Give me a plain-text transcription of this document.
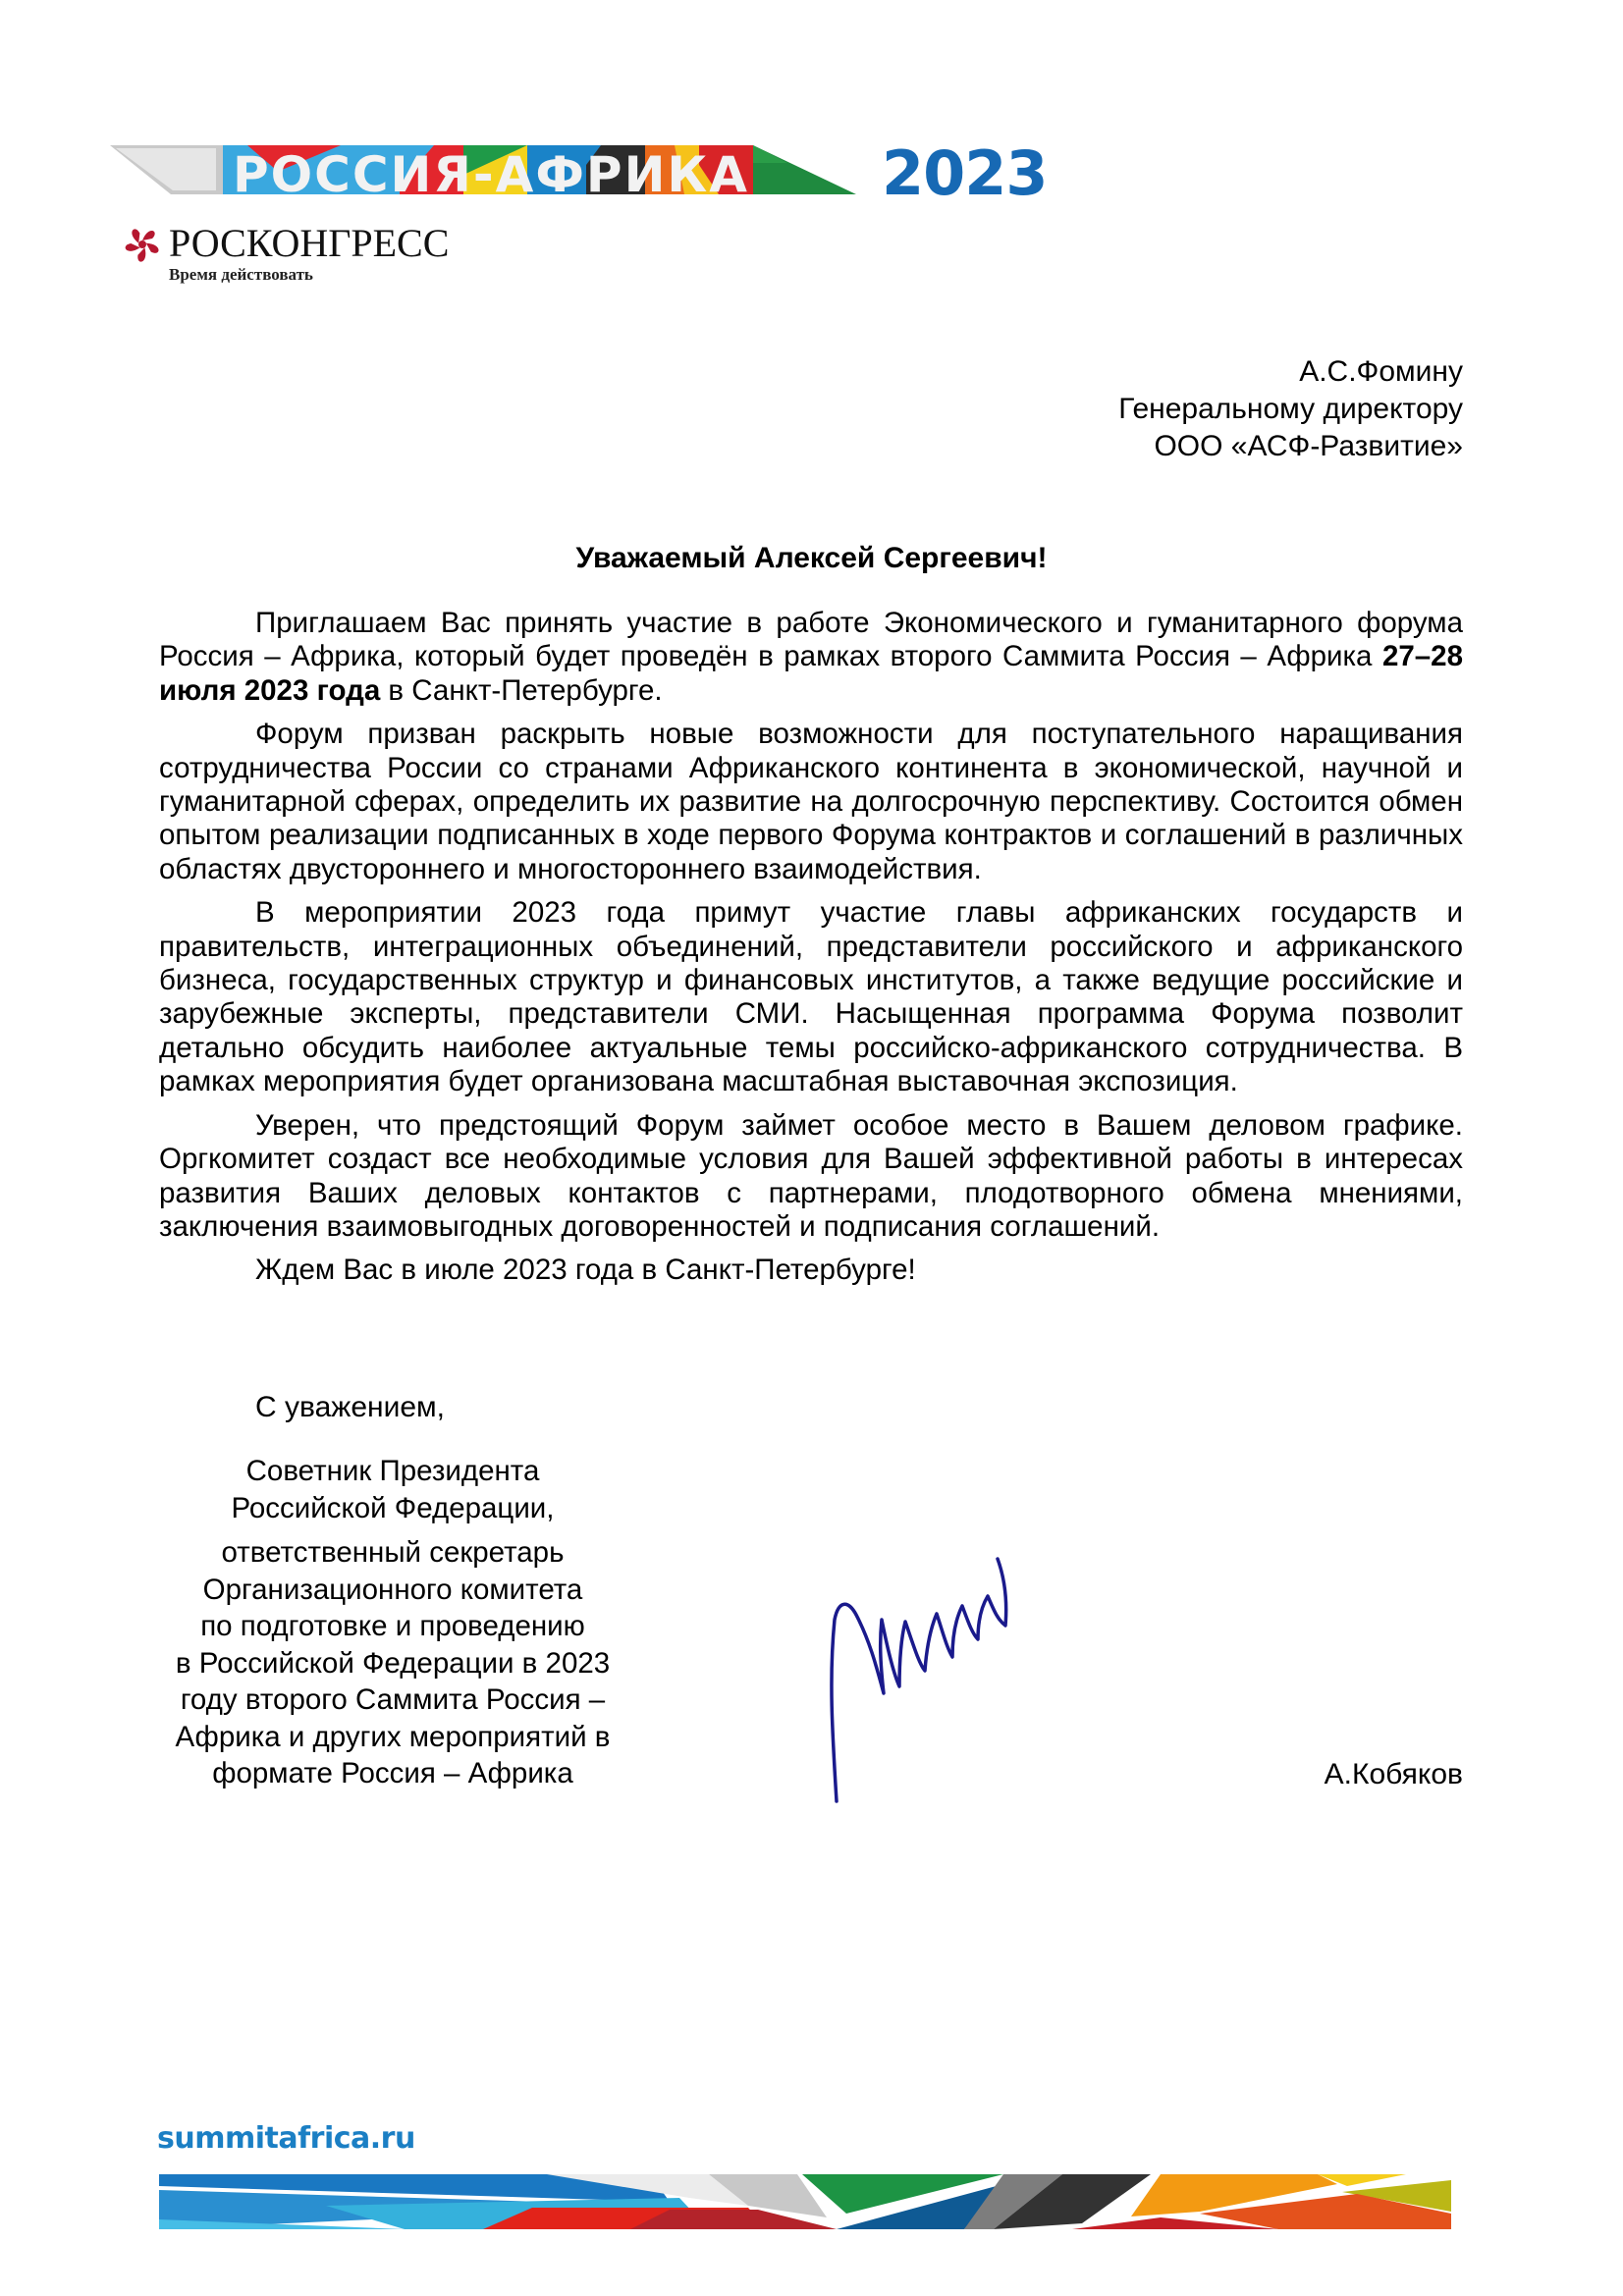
РОССИЯ-АФРИКА 2023
РОСКОНГРЕСС
Время действовать
А.С.Фомину
Генеральному директору
ООО «АСФ-Развитие»
Уважаемый Алексей Сергеевич!

Приглашаем Вас принять участие в работе Экономического и гуманитарного форума Россия – Африка, который будет проведён в рамках второго Саммита Россия – Африка 27–28 июля 2023 года в Санкт-Петербурге.

Форум призван раскрыть новые возможности для поступательного наращивания сотрудничества России со странами Африканского континента в экономической, научной и гуманитарной сферах, определить их развитие на долгосрочную перспективу. Состоится обмен опытом реализации подписанных в ходе первого Форума контрактов и соглашений в различных областях двустороннего и многостороннего взаимодействия.

В мероприятии 2023 года примут участие главы африканских государств и правительств, интеграционных объединений, представители российского и африканского бизнеса, государственных структур и финансовых институтов, а также ведущие российские и зарубежные эксперты, представители СМИ. Насыщенная программа Форума позволит детально обсудить наиболее актуальные темы российско-африканского сотрудничества. В рамках мероприятия будет организована масштабная выставочная экспозиция.

Уверен, что предстоящий Форум займет особое место в Вашем деловом графике. Оргкомитет создаст все необходимые условия для Вашей эффективной работы в интересах развития Ваших деловых контактов с партнерами, плодотворного обмена мнениями, заключения взаимовыгодных договоренностей и подписания соглашений.

Ждем Вас в июле 2023 года в Санкт-Петербурге!

С уважением,
Советник Президента
Российской Федерации,
ответственный секретарь
Организационного комитета
по подготовке и проведению
в Российской Федерации в 2023
году второго Саммита Россия –
Африка и других мероприятий в
формате Россия – Африка	А.Кобяков
summitafrica.ru
